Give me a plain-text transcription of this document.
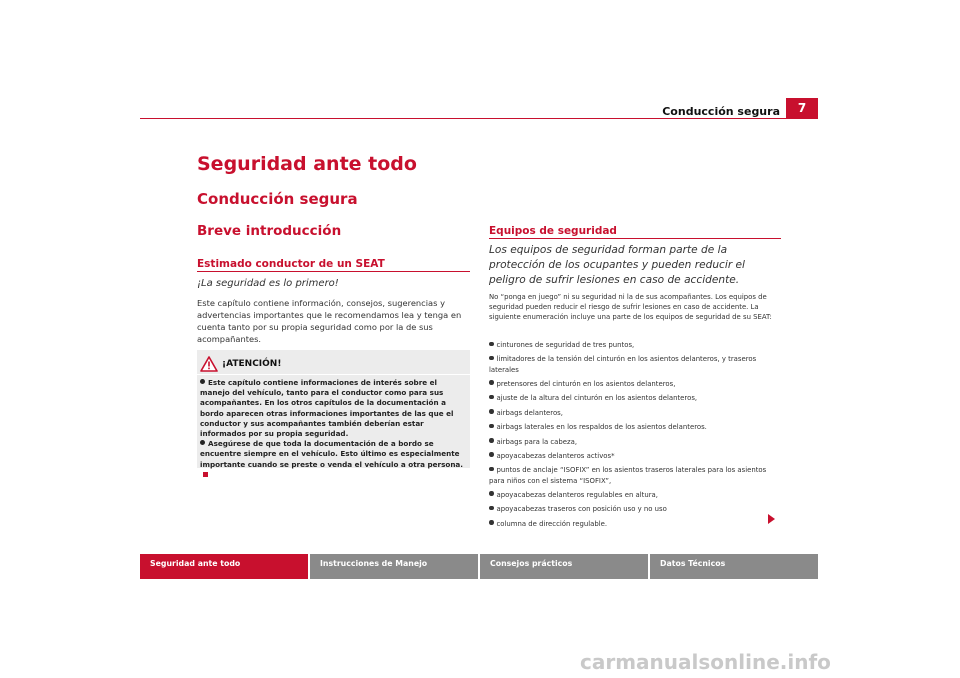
Conducción segura	7
Seguridad ante todo
Conducción segura
Breve introducción
Estimado conductor de un SEAT

¡La seguridad es lo primero!

Este capítulo contiene información, consejos, sugerencias y advertencias importantes que le recomendamos lea y tenga en cuenta tanto por su propia seguridad como por la de sus acompañantes.

¡ATENCIÓN!
Este capítulo contiene informaciones de interés sobre el manejo del vehículo, tanto para el conductor como para sus acompañantes. En los otros capítulos de la documentación a bordo aparecen otras informaciones importantes de las que el conductor y sus acompañantes también deberían estar informados por su propia seguridad.
Asegúrese de que toda la documentación de a bordo se encuentre siempre en el vehículo. Esto último es especialmente importante cuando se preste o venda el vehículo a otra persona.
Equipos de seguridad

Los equipos de seguridad forman parte de la protección de los ocupantes y pueden reducir el peligro de sufrir lesiones en caso de accidente.

No “ponga en juego” ni su seguridad ni la de sus acompañantes. Los equipos de seguridad pueden reducir el riesgo de sufrir lesiones en caso de accidente. La siguiente enumeración incluye una parte de los equipos de seguridad de su SEAT:

cinturones de seguridad de tres puntos,
limitadores de la tensión del cinturón en los asientos delanteros, y traseros laterales
pretensores del cinturón en los asientos delanteros,
ajuste de la altura del cinturón en los asientos delanteros,
airbags delanteros,
airbags laterales en los respaldos de los asientos delanteros.
airbags para la cabeza,
apoyacabezas delanteros activos*
puntos de anclaje “ISOFIX” en los asientos traseros laterales para los asientos para niños con el sistema “ISOFIX”,
apoyacabezas delanteros regulables en altura,
apoyacabezas traseros con posición uso y no uso
columna de dirección regulable.
Seguridad ante todo	Instrucciones de Manejo	Consejos prácticos	Datos Técnicos
carmanualsonline.info
